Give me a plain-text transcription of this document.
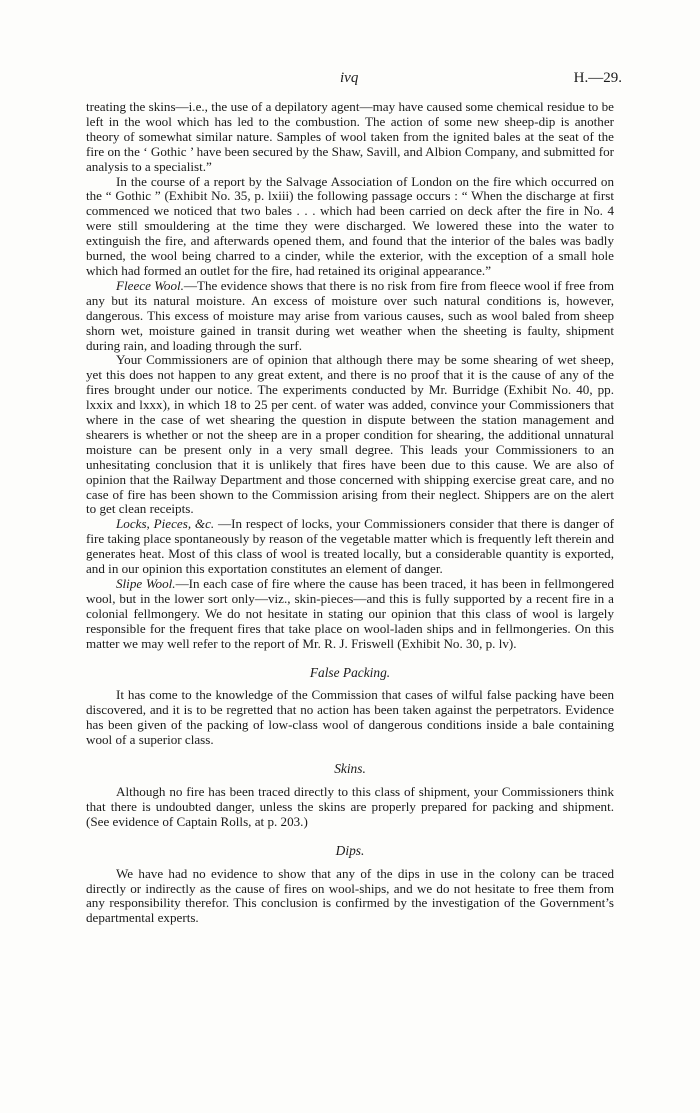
ivq	H.—29.

treating the skins—i.e., the use of a depilatory agent—may have caused some chemical residue to be left in the wool which has led to the combustion. The action of some new sheep-dip is another theory of somewhat similar nature. Samples of wool taken from the ignited bales at the seat of the fire on the ‘ Gothic ’ have been secured by the Shaw, Savill, and Albion Company, and submitted for analysis to a specialist.”

In the course of a report by the Salvage Association of London on the fire which occurred on the “ Gothic ” (Exhibit No. 35, p. lxiii) the following passage occurs : “ When the discharge at first commenced we noticed that two bales . . . which had been carried on deck after the fire in No. 4 were still smouldering at the time they were discharged. We lowered these into the water to extinguish the fire, and afterwards opened them, and found that the interior of the bales was badly burned, the wool being charred to a cinder, while the exterior, with the exception of a small hole which had formed an outlet for the fire, had retained its original appearance.”

Fleece Wool.—The evidence shows that there is no risk from fire from fleece wool if free from any but its natural moisture. An excess of moisture over such natural conditions is, however, dangerous. This excess of moisture may arise from various causes, such as wool baled from sheep shorn wet, moisture gained in transit during wet weather when the sheeting is faulty, shipment during rain, and loading through the surf.

Your Commissioners are of opinion that although there may be some shearing of wet sheep, yet this does not happen to any great extent, and there is no proof that it is the cause of any of the fires brought under our notice. The experiments conducted by Mr. Burridge (Exhibit No. 40, pp. lxxix and lxxx), in which 18 to 25 per cent. of water was added, convince your Commissioners that where in the case of wet shearing the question in dispute between the station management and shearers is whether or not the sheep are in a proper condition for shearing, the additional unnatural moisture can be present only in a very small degree. This leads your Commissioners to an unhesitating conclusion that it is unlikely that fires have been due to this cause. We are also of opinion that the Railway Department and those concerned with shipping exercise great care, and no case of fire has been shown to the Commission arising from their neglect. Shippers are on the alert to get clean receipts.

Locks, Pieces, &c. —In respect of locks, your Commissioners consider that there is danger of fire taking place spontaneously by reason of the vegetable matter which is frequently left therein and generates heat. Most of this class of wool is treated locally, but a considerable quantity is exported, and in our opinion this exportation constitutes an element of danger.

Slipe Wool.—In each case of fire where the cause has been traced, it has been in fellmongered wool, but in the lower sort only—viz., skin-pieces—and this is fully supported by a recent fire in a colonial fellmongery. We do not hesitate in stating our opinion that this class of wool is largely responsible for the frequent fires that take place on wool-laden ships and in fellmongeries. On this matter we may well refer to the report of Mr. R. J. Friswell (Exhibit No. 30, p. lv).

False Packing.

It has come to the knowledge of the Commission that cases of wilful false packing have been discovered, and it is to be regretted that no action has been taken against the perpetrators. Evidence has been given of the packing of low-class wool of dangerous conditions inside a bale containing wool of a superior class.

Skins.

Although no fire has been traced directly to this class of shipment, your Commissioners think that there is undoubted danger, unless the skins are properly prepared for packing and shipment. (See evidence of Captain Rolls, at p. 203.)

Dips.

We have had no evidence to show that any of the dips in use in the colony can be traced directly or indirectly as the cause of fires on wool-ships, and we do not hesitate to free them from any responsibility therefor. This conclusion is confirmed by the investigation of the Government’s departmental experts.
